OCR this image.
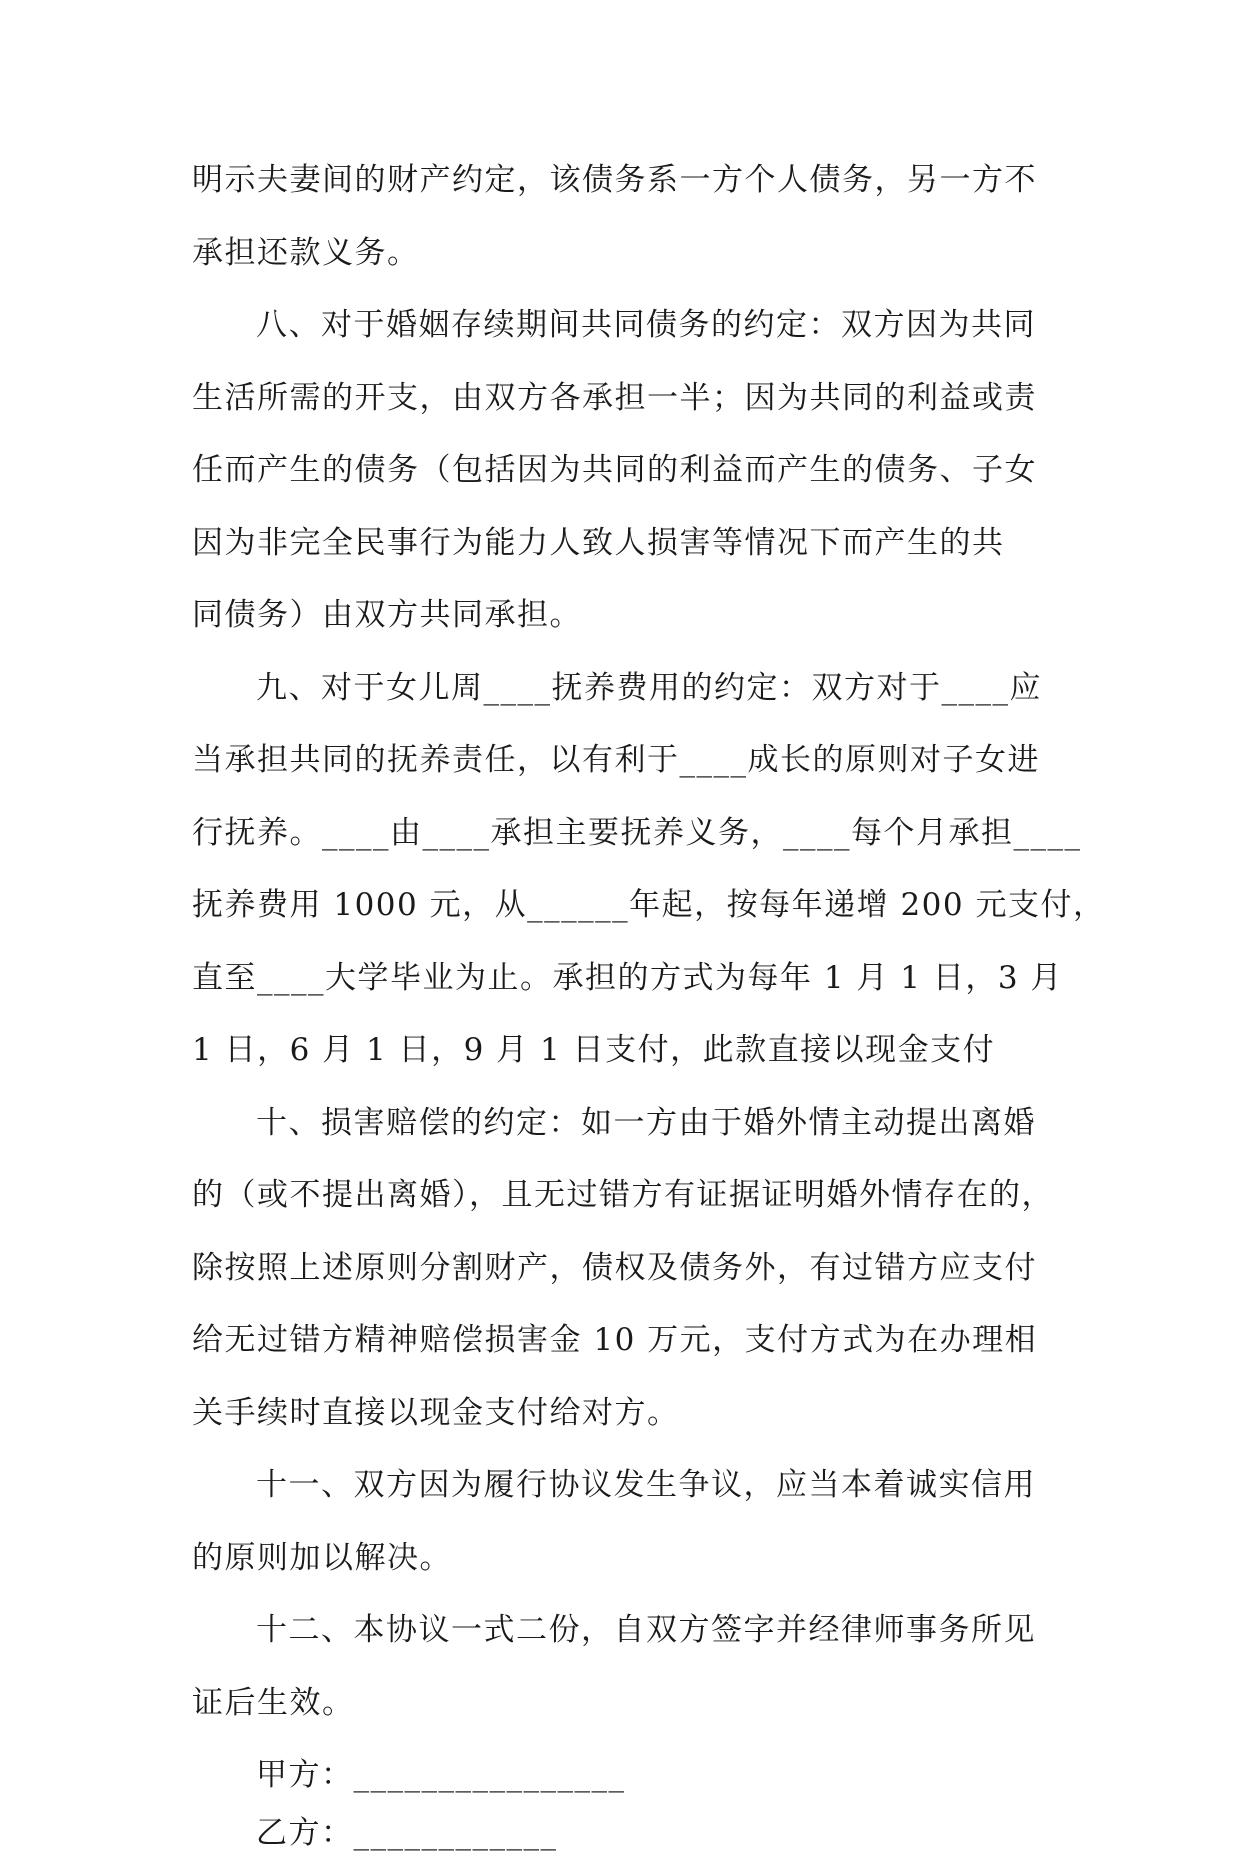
明示夫妻间的财产约定，该债务系一方个人债务，另一方不
承担还款义务。
八、对于婚姻存续期间共同债务的约定：双方因为共同
生活所需的开支，由双方各承担一半；因为共同的利益或责
任而产生的债务（包括因为共同的利益而产生的债务、子女
因为非完全民事行为能力人致人损害等情况下而产生的共
同债务）由双方共同承担。
九、对于女儿周____抚养费用的约定：双方对于____应
当承担共同的抚养责任，以有利于____成长的原则对子女进
行抚养。____由____承担主要抚养义务，____每个月承担____
抚养费用 1000 元，从______年起，按每年递增 200 元支付，
直至____大学毕业为止。承担的方式为每年 1 月 1 日，3 月
1 日，6 月 1 日，9 月 1 日支付，此款直接以现金支付
十、损害赔偿的约定：如一方由于婚外情主动提出离婚
的（或不提出离婚），且无过错方有证据证明婚外情存在的，
除按照上述原则分割财产，债权及债务外，有过错方应支付
给无过错方精神赔偿损害金 10 万元，支付方式为在办理相
关手续时直接以现金支付给对方。
十一、双方因为履行协议发生争议，应当本着诚实信用
的原则加以解决。
十二、本协议一式二份，自双方签字并经律师事务所见
证后生效。
甲方：________________
乙方：____________
